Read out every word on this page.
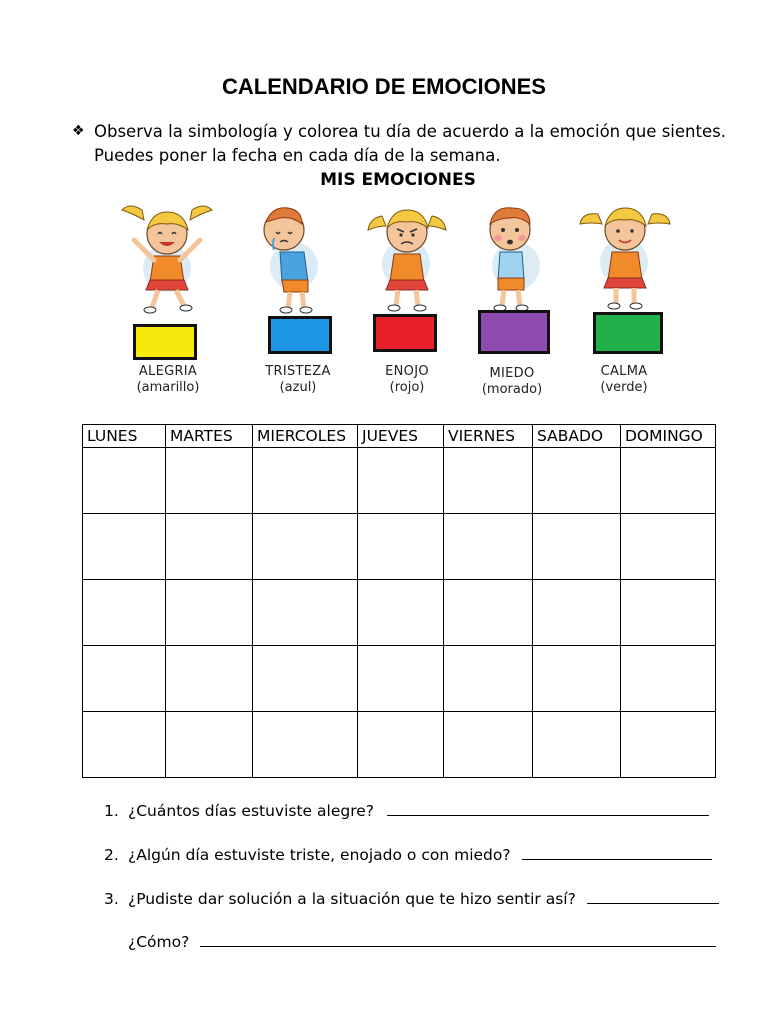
CALENDARIO DE EMOCIONES
❖ Observa la simbología y colorea tu día de acuerdo a la emoción que sientes.
Puedes poner la fecha en cada día de la semana.
MIS EMOCIONES
ALEGRIA
(amarillo)
TRISTEZA
(azul)
ENOJO
(rojo)
MIEDO
(morado)
CALMA
(verde)
LUNES	MARTES	MIERCOLES	JUEVES	VIERNES	SABADO	DOMINGO

1. ¿Cuántos días estuviste alegre?
2. ¿Algún día estuviste triste, enojado o con miedo?
3. ¿Pudiste dar solución a la situación que te hizo sentir así?
¿Cómo?
